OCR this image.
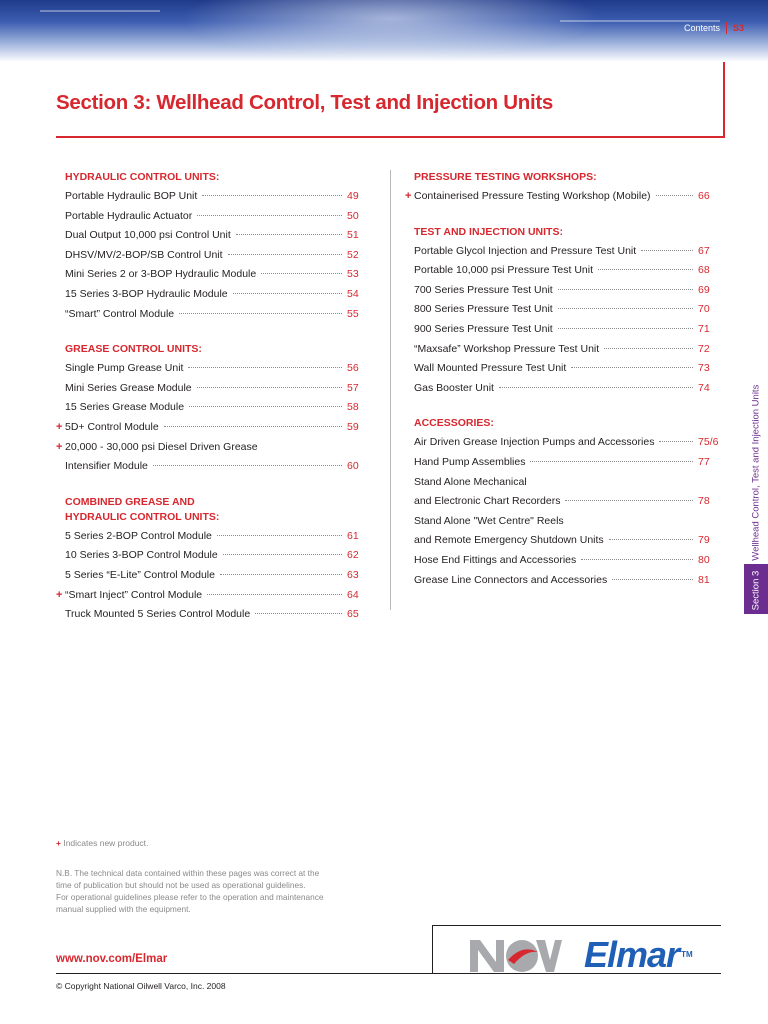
Contents S3
Section 3: Wellhead Control, Test and Injection Units
HYDRAULIC CONTROL UNITS:
Portable Hydraulic BOP Unit	49
Portable Hydraulic Actuator	50
Dual Output 10,000 psi Control Unit	51
DHSV/MV/2-BOP/SB Control Unit	52
Mini Series 2 or 3-BOP Hydraulic Module	53
15 Series 3-BOP Hydraulic Module	54
“Smart” Control Module	55
GREASE CONTROL UNITS:
Single Pump Grease Unit	56
Mini Series Grease Module	57
15 Series Grease Module	58
+ 5D+ Control Module	59
+ 20,000 - 30,000 psi Diesel Driven Grease
Intensifier Module	60
COMBINED GREASE AND
HYDRAULIC CONTROL UNITS:
5 Series 2-BOP Control Module	61
10 Series 3-BOP Control Module	62
5 Series “E-Lite” Control Module	63
+ “Smart Inject” Control Module	64
Truck Mounted 5 Series Control Module	65
PRESSURE TESTING WORKSHOPS:
+ Containerised Pressure Testing Workshop (Mobile)	66
TEST AND INJECTION UNITS:
Portable Glycol Injection and Pressure Test Unit	67
Portable 10,000 psi Pressure Test Unit	68
700 Series Pressure Test Unit	69
800 Series Pressure Test Unit	70
900 Series Pressure Test Unit	71
“Maxsafe” Workshop Pressure Test Unit	72
Wall Mounted Pressure Test Unit	73
Gas Booster Unit	74
ACCESSORIES:
Air Driven Grease Injection Pumps and Accessories	75/6
Hand Pump Assemblies	77
Stand Alone Mechanical
and Electronic Chart Recorders	78
Stand Alone "Wet Centre" Reels
and Remote Emergency Shutdown Units	79
Hose End Fittings and Accessories	80
Grease Line Connectors and Accessories	81	Section 3
Wellhead Control, Test and Injection Units
+ Indicates new product.
N.B. The technical data contained within these pages was correct at the
time of publication but should not be used as operational guidelines.
For operational guidelines please refer to the operation and maintenance
manual supplied with the equipment.
www.nov.com/Elmar
© Copyright National Oilwell Varco, Inc. 2008
Elmar ™
